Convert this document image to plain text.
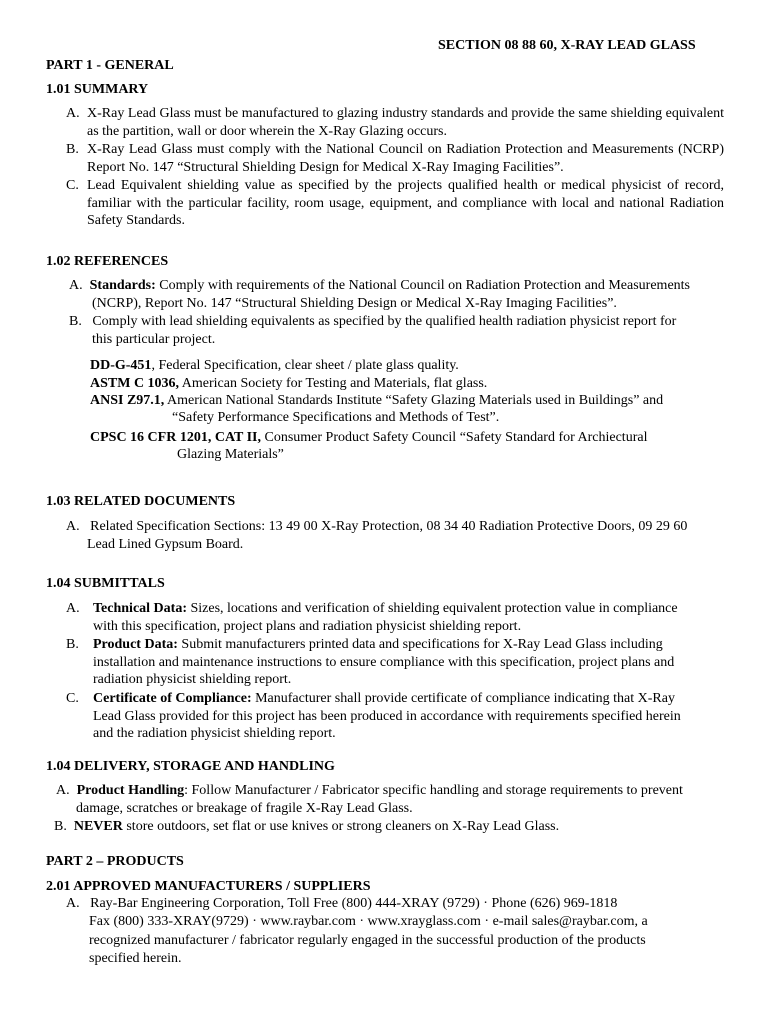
SECTION 08 88 60, X-RAY LEAD GLASS
PART 1 - GENERAL
1.01 SUMMARY
A. X-Ray Lead Glass must be manufactured to glazing industry standards and provide the same shielding equivalent as the partition, wall or door wherein the X-Ray Glazing occurs.
B. X-Ray Lead Glass must comply with the National Council on Radiation Protection and Measurements (NCRP) Report No. 147 “Structural Shielding Design for Medical X-Ray Imaging Facilities”.
C. Lead Equivalent shielding value as specified by the projects qualified health or medical physicist of record, familiar with the particular facility, room usage, equipment, and compliance with local and national Radiation Safety Standards.
1.02 REFERENCES
A. Standards: Comply with requirements of the National Council on Radiation Protection and Measurements
(NCRP), Report No. 147 “Structural Shielding Design or Medical X-Ray Imaging Facilities”.
B. Comply with lead shielding equivalents as specified by the qualified health radiation physicist report for
this particular project.
DD-G-451, Federal Specification, clear sheet / plate glass quality.
ASTM C 1036, American Society for Testing and Materials, flat glass.
ANSI Z97.1, American National Standards Institute “Safety Glazing Materials used in Buildings” and
“Safety Performance Specifications and Methods of Test”.
CPSC 16 CFR 1201, CAT II, Consumer Product Safety Council “Safety Standard for Archiectural
Glazing Materials”
1.03 RELATED DOCUMENTS
A. Related Specification Sections: 13 49 00 X-Ray Protection, 08 34 40 Radiation Protective Doors, 09 29 60
Lead Lined Gypsum Board.
1.04 SUBMITTALS
A. Technical Data: Sizes, locations and verification of shielding equivalent protection value in compliance
with this specification, project plans and radiation physicist shielding report.
B. Product Data: Submit manufacturers printed data and specifications for X-Ray Lead Glass including
installation and maintenance instructions to ensure compliance with this specification, project plans and
radiation physicist shielding report.
C. Certificate of Compliance: Manufacturer shall provide certificate of compliance indicating that X-Ray
Lead Glass provided for this project has been produced in accordance with requirements specified herein
and the radiation physicist shielding report.
1.04 DELIVERY, STORAGE AND HANDLING
A. Product Handling: Follow Manufacturer / Fabricator specific handling and storage requirements to prevent
damage, scratches or breakage of fragile X-Ray Lead Glass.
B. NEVER store outdoors, set flat or use knives or strong cleaners on X-Ray Lead Glass.
PART 2 – PRODUCTS
2.01 APPROVED MANUFACTURERS / SUPPLIERS
A. Ray-Bar Engineering Corporation, Toll Free (800) 444-XRAY (9729) · Phone (626) 969-1818
Fax (800) 333-XRAY(9729) · www.raybar.com · www.xrayglass.com · e-mail sales@raybar.com, a
recognized manufacturer / fabricator regularly engaged in the successful production of the products
specified herein.
